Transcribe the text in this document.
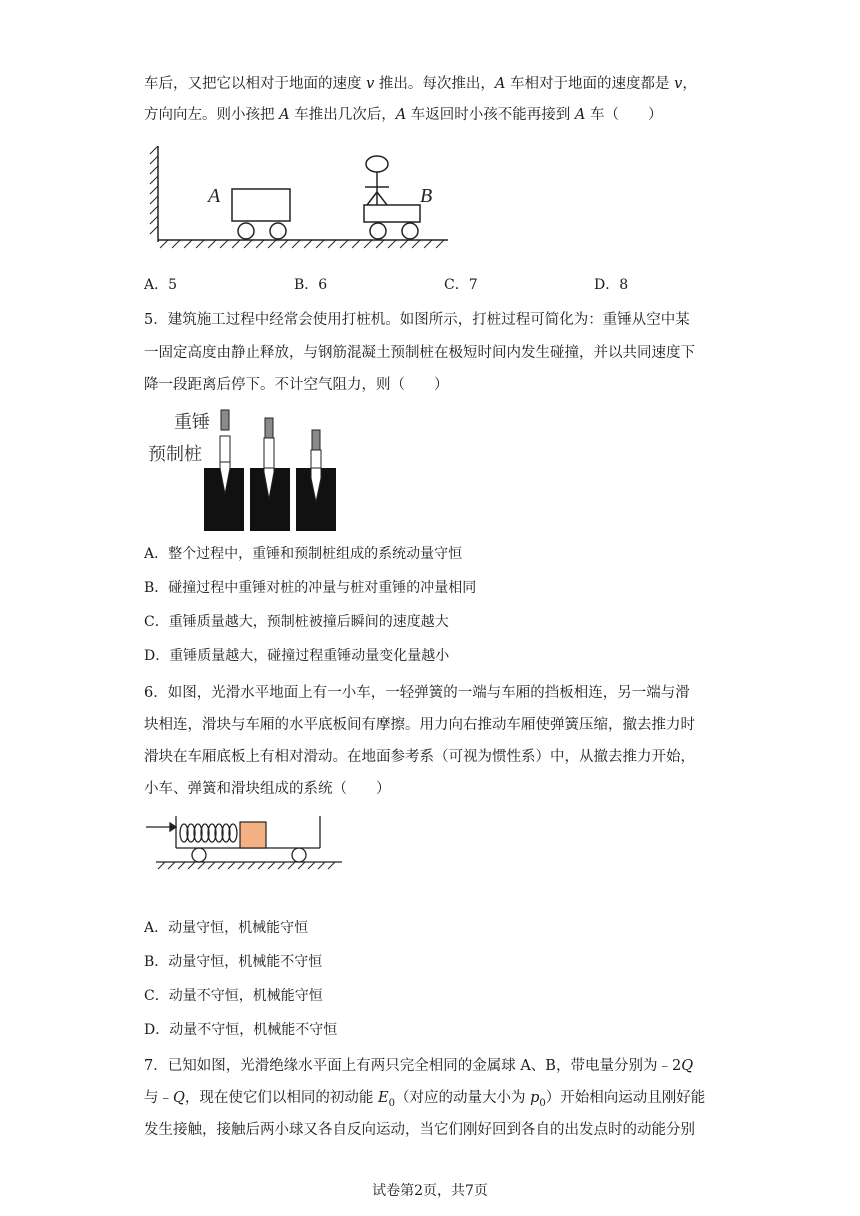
车后，又把它以相对于地面的速度 v 推出。每次推出，A 车相对于地面的速度都是 v，
方向向左。则小孩把 A 车推出几次后，A 车返回时小孩不能再接到 A 车（　　）
A	B
A．5	B．6	C．7	D．8
5．建筑施工过程中经常会使用打桩机。如图所示，打桩过程可简化为：重锤从空中某
一固定高度由静止释放，与钢筋混凝土预制桩在极短时间内发生碰撞，并以共同速度下
降一段距离后停下。不计空气阻力，则（　　）
重锤
预制桩
A．整个过程中，重锤和预制桩组成的系统动量守恒
B．碰撞过程中重锤对桩的冲量与桩对重锤的冲量相同
C．重锤质量越大，预制桩被撞后瞬间的速度越大
D．重锤质量越大，碰撞过程重锤动量变化量越小
6．如图，光滑水平地面上有一小车，一轻弹簧的一端与车厢的挡板相连，另一端与滑
块相连，滑块与车厢的水平底板间有摩擦。用力向右推动车厢使弹簧压缩，撤去推力时
滑块在车厢底板上有相对滑动。在地面参考系（可视为惯性系）中，从撤去推力开始，
小车、弹簧和滑块组成的系统（　　）
A．动量守恒，机械能守恒
B．动量守恒，机械能不守恒
C．动量不守恒，机械能守恒
D．动量不守恒，机械能不守恒
7．已知如图，光滑绝缘水平面上有两只完全相同的金属球 A、B，带电量分别为﹣2Q
与﹣Q，现在使它们以相同的初动能 $E_0$（对应的动量大小为 $p_0$）开始相向运动且刚好能
发生接触，接触后两小球又各自反向运动，当它们刚好回到各自的出发点时的动能分别
试卷第2页，共7页
